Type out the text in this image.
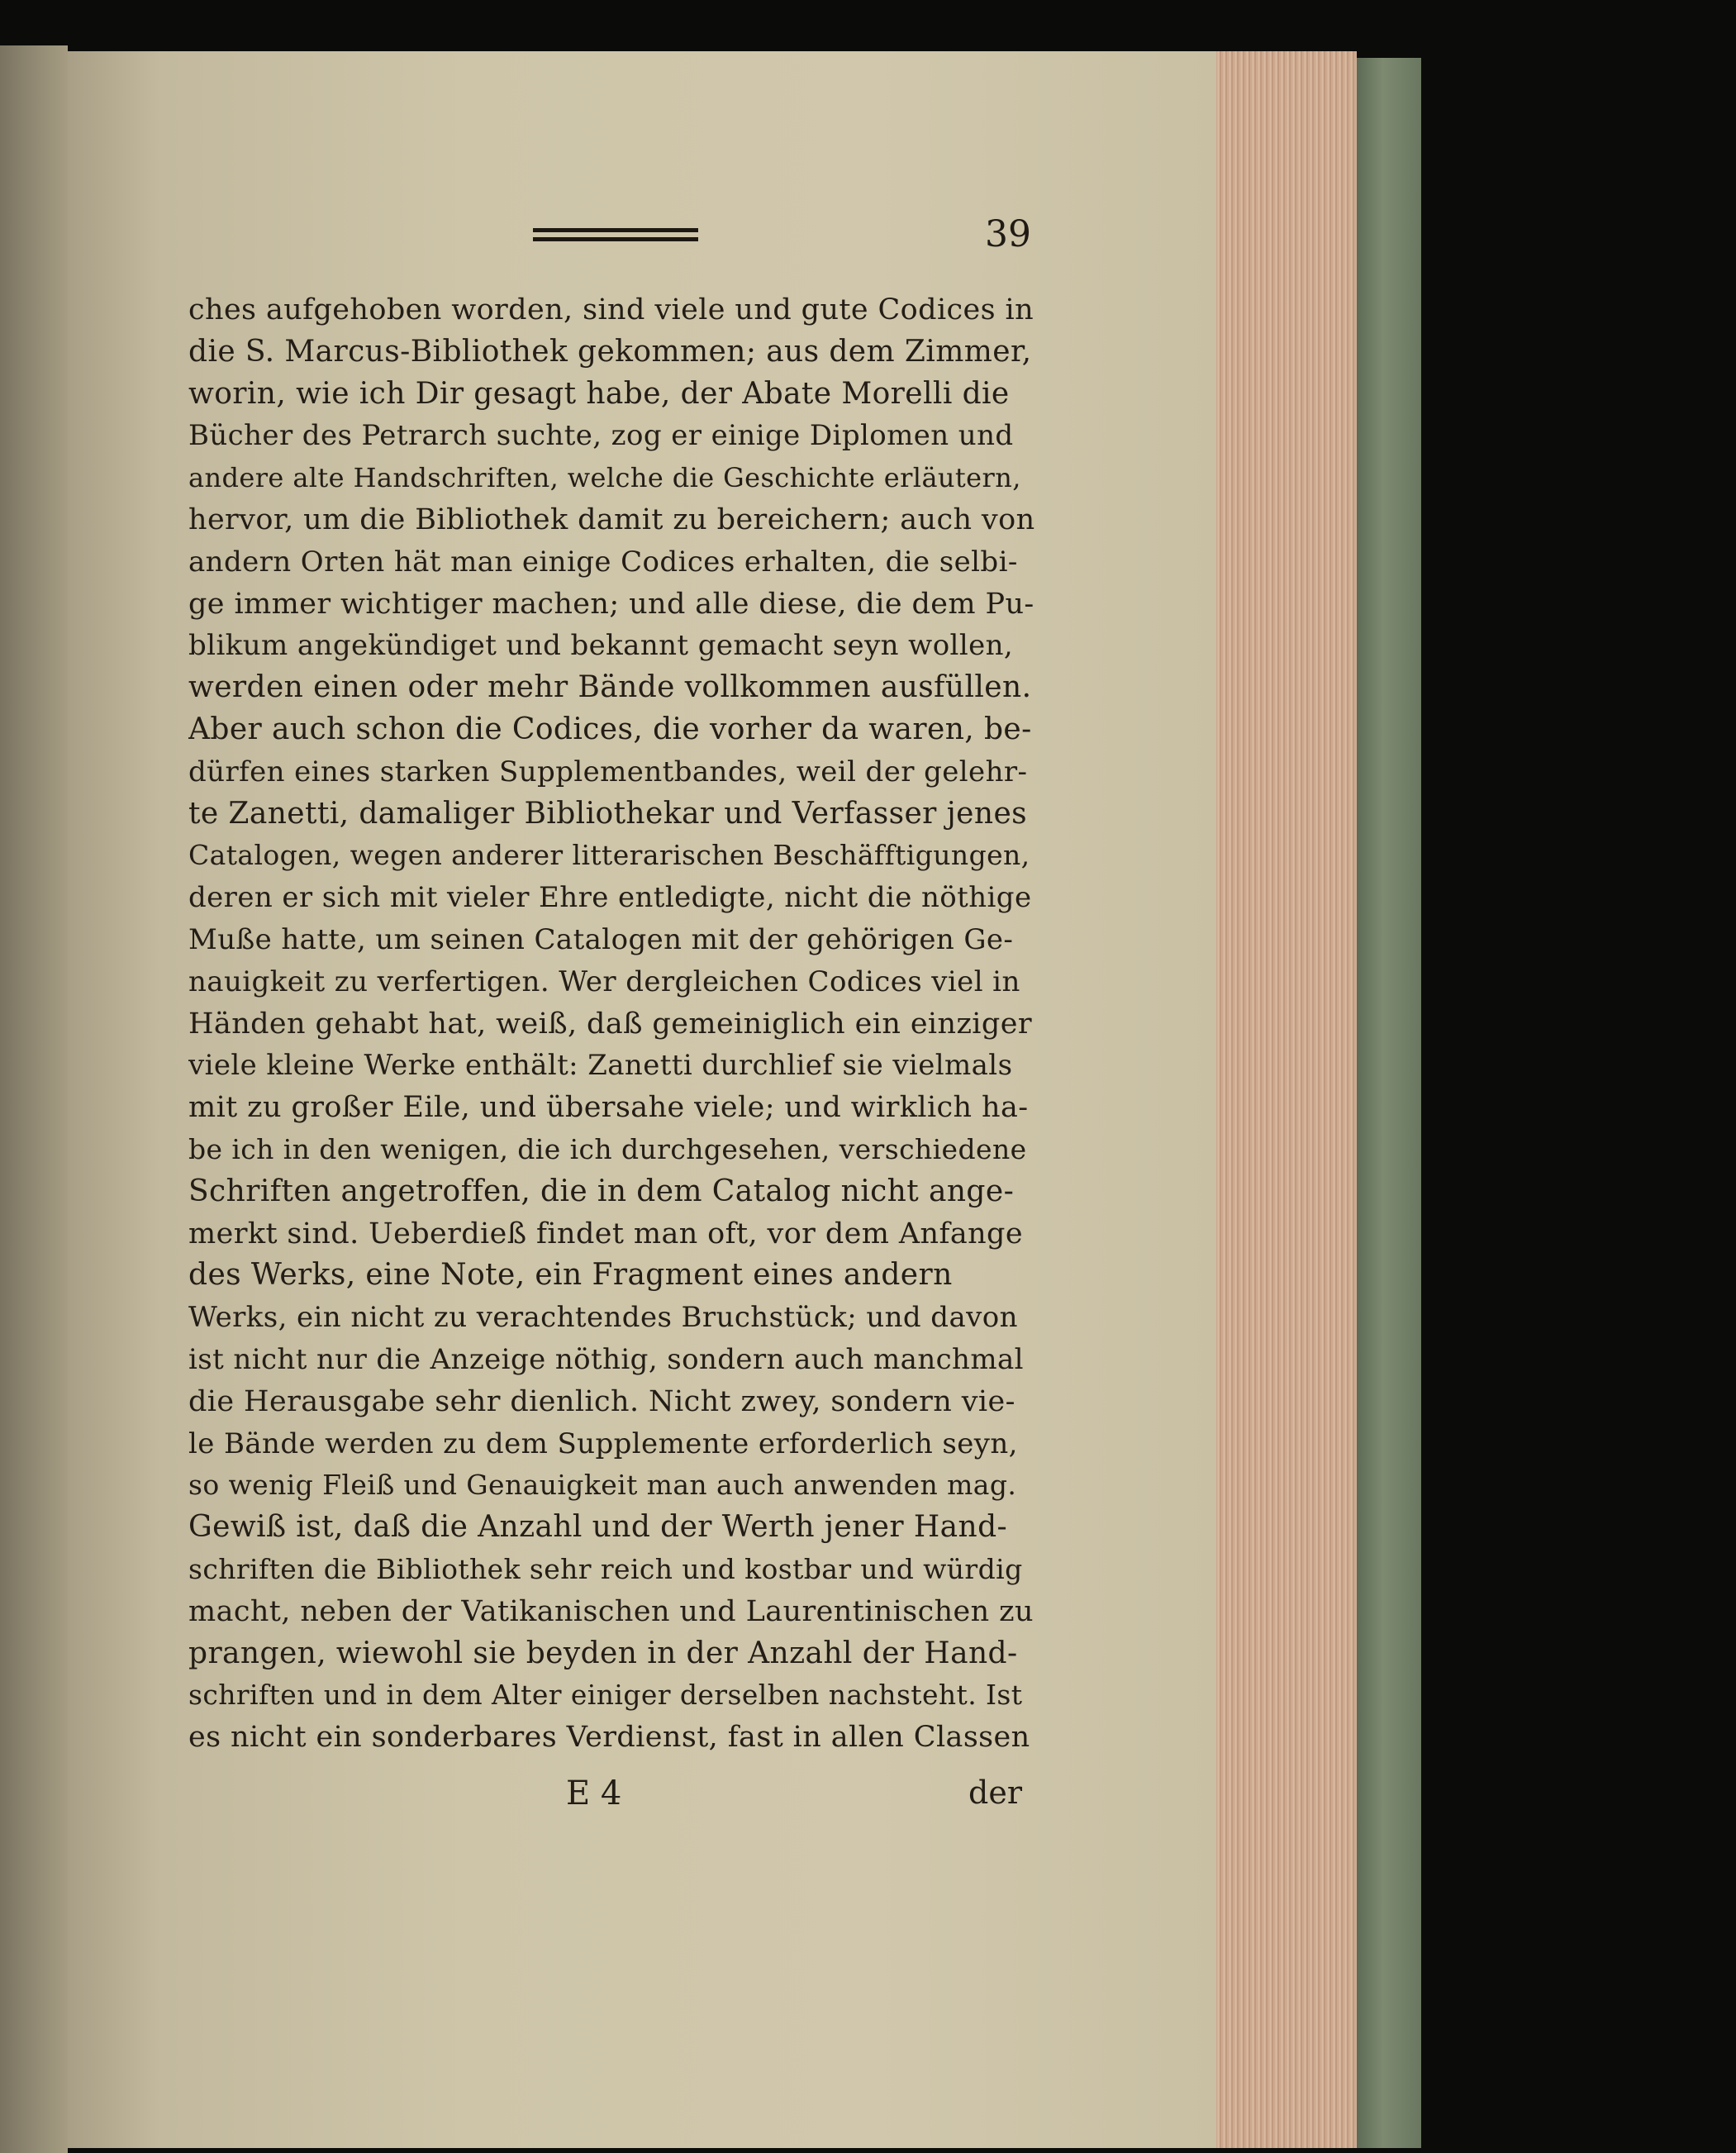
39
ches aufgehoben worden, sind viele und gute Codices in
die S. Marcus-Bibliothek gekommen; aus dem Zimmer,
worin, wie ich Dir gesagt habe, der Abate Morelli die
Bücher des Petrarch suchte, zog er einige Diplomen und
andere alte Handschriften, welche die Geschichte erläutern,
hervor, um die Bibliothek damit zu bereichern; auch von
andern Orten hät man einige Codices erhalten, die selbi-
ge immer wichtiger machen; und alle diese, die dem Pu-
blikum angekündiget und bekannt gemacht seyn wollen,
werden einen oder mehr Bände vollkommen ausfüllen.
Aber auch schon die Codices, die vorher da waren, be-
dürfen eines starken Supplementbandes, weil der gelehr-
te Zanetti, damaliger Bibliothekar und Verfasser jenes
Catalogen, wegen anderer litterarischen Beschäfftigungen,
deren er sich mit vieler Ehre entledigte, nicht die nöthige
Muße hatte, um seinen Catalogen mit der gehörigen Ge-
nauigkeit zu verfertigen. Wer dergleichen Codices viel in
Händen gehabt hat, weiß, daß gemeiniglich ein einziger
viele kleine Werke enthält: Zanetti durchlief sie vielmals
mit zu großer Eile, und übersahe viele; und wirklich ha-
be ich in den wenigen, die ich durchgesehen, verschiedene
Schriften angetroffen, die in dem Catalog nicht ange-
merkt sind. Ueberdieß findet man oft, vor dem Anfange
des Werks, eine Note, ein Fragment eines andern
Werks, ein nicht zu verachtendes Bruchstück; und davon
ist nicht nur die Anzeige nöthig, sondern auch manchmal
die Herausgabe sehr dienlich. Nicht zwey, sondern vie-
le Bände werden zu dem Supplemente erforderlich seyn,
so wenig Fleiß und Genauigkeit man auch anwenden mag.
Gewiß ist, daß die Anzahl und der Werth jener Hand-
schriften die Bibliothek sehr reich und kostbar und würdig
macht, neben der Vatikanischen und Laurentinischen zu
prangen, wiewohl sie beyden in der Anzahl der Hand-
schriften und in dem Alter einiger derselben nachsteht. Ist
es nicht ein sonderbares Verdienst, fast in allen Classen
E 4	der
